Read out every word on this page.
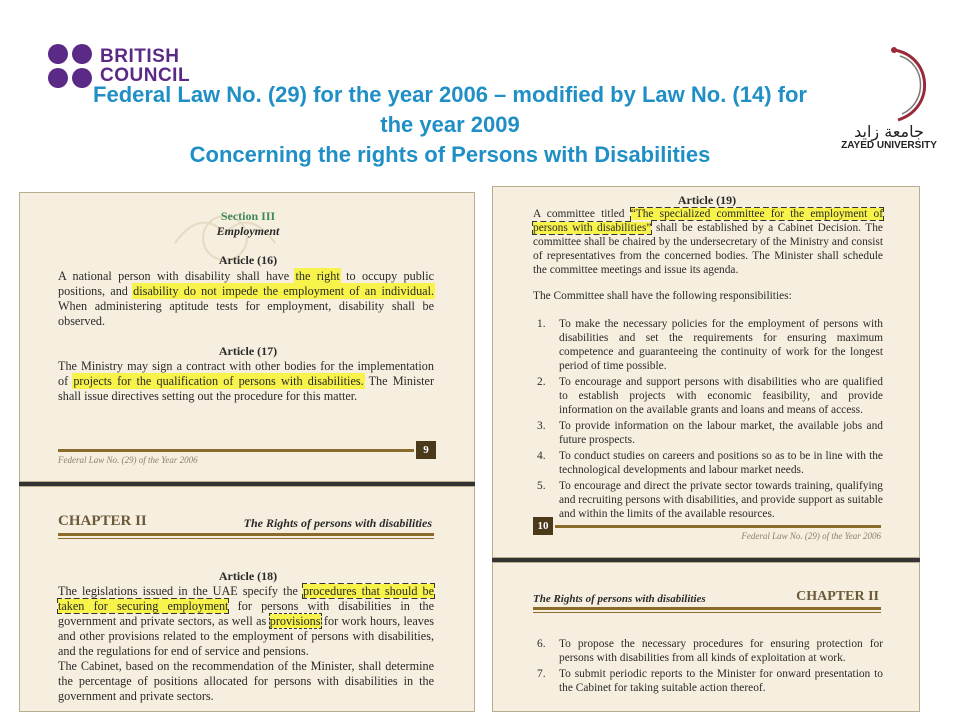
BRITISH
COUNCIL
Federal Law No. (29) for the year 2006 – modified by Law No. (14) for
the year 2009
Concerning the rights of Persons with Disabilities
جامعة زايد
ZAYED UNIVERSITY
Section III
Employment
Article (16)
A national person with disability shall have the right to occupy public positions, and disability do not impede the employment of an individual. When administering aptitude tests for employment, disability shall be observed.
Article (17)
The Ministry may sign a contract with other bodies for the implementation of projects for the qualification of persons with disabilities. The Minister shall issue directives setting out the procedure for this matter.
9
Federal Law No. (29) of the Year 2006
CHAPTER II	The Rights of persons with disabilities
Article (18)
The legislations issued in the UAE specify the procedures that should be taken for securing employment for persons with disabilities in the government and private sectors, as well as provisions for work hours, leaves and other provisions related to the employment of persons with disabilities, and the regulations for end of service and pensions.
The Cabinet, based on the recommendation of the Minister, shall determine the percentage of positions allocated for persons with disabilities in the government and private sectors.
Article (19)
A committee titled “The specialized committee for the employment of persons with disabilities” shall be established by a Cabinet Decision. The committee shall be chaired by the undersecretary of the Ministry and consist of representatives from the concerned bodies. The Minister shall schedule the committee meetings and issue its agenda.
The Committee shall have the following responsibilities:
1. To make the necessary policies for the employment of persons with disabilities and set the requirements for ensuring maximum competence and guaranteeing the continuity of work for the longest period of time possible.
2. To encourage and support persons with disabilities who are qualified to establish projects with economic feasibility, and provide information on the available grants and loans and means of access.
3. To provide information on the labour market, the available jobs and future prospects.
4. To conduct studies on careers and positions so as to be in line with the technological developments and labour market needs.
5. To encourage and direct the private sector towards training, qualifying and recruiting persons with disabilities, and provide support as suitable and within the limits of the available resources.
10
Federal Law No. (29) of the Year 2006
The Rights of persons with disabilities	CHAPTER II
6. To propose the necessary procedures for ensuring protection for persons with disabilities from all kinds of exploitation at work.
7. To submit periodic reports to the Minister for onward presentation to the Cabinet for taking suitable action thereof.
